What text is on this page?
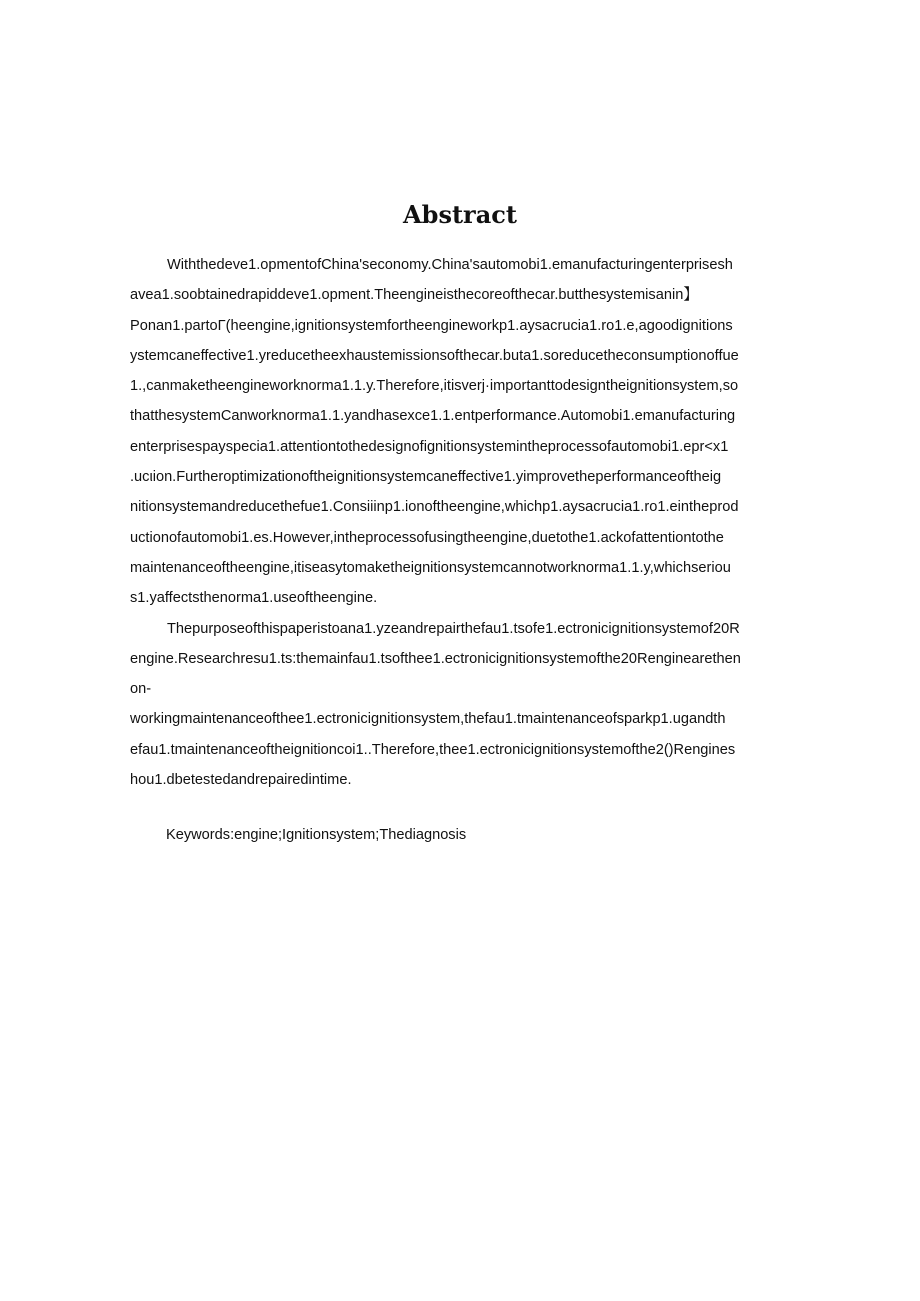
Abstract
Withthedeve1.opmentofChina'seconomy.China'sautomobi1.emanufacturingenterprisesh
avea1.soobtainedrapiddeve1.opment.Theengineisthecoreofthecar.butthesystemisanin】
Ponan1.partoΓ(heengine,ignitionsystemfortheengineworkp1.aysacrucia1.ro1.e,agoodignitions
ystemcaneffective1.yreducetheexhaustemissionsofthecar.buta1.soreducetheconsumptionoffue
1.,canmaketheengineworknorma1.1.y.Therefore,itisverj·importanttodesigntheignitionsystem,so
thatthesystemCanworknorma1.1.yandhasexce1.1.entperformance.Automobi1.emanufacturing
enterprisespayspecia1.attentiontothedesignofignitionsystemintheprocessofautomobi1.epr<x1
.ucιion.Furtheroptimizationoftheignitionsystemcaneffective1.yimprovetheperformanceoftheig
nitionsystemandreducethefue1.Consiiinp1.ionoftheengine,whichp1.aysacrucia1.ro1.eintheprod
uctionofautomobi1.es.However,intheprocessofusingtheengine,duetothe1.ackofattentiontothe
maintenanceoftheengine,itiseasytomaketheignitionsystemcannotworknorma1.1.y,whichseriou
s1.yaffectsthenorma1.useoftheengine.
Thepurposeofthispaperistoana1.yzeandrepairthefau1.tsofe1.ectronicignitionsystemof20R
engine.Researchresu1.ts:themainfau1.tsofthee1.ectronicignitionsystemofthe20Renginearethen
on-
workingmaintenanceofthee1.ectronicignitionsystem,thefau1.tmaintenanceofsparkp1.ugandth
efau1.tmaintenanceoftheignitioncoi1..Therefore,thee1.ectronicignitionsystemofthe2()Rengines
hou1.dbetestedandrepairedintime.

Keywords:engine;Ignitionsystem;Thediagnosis
